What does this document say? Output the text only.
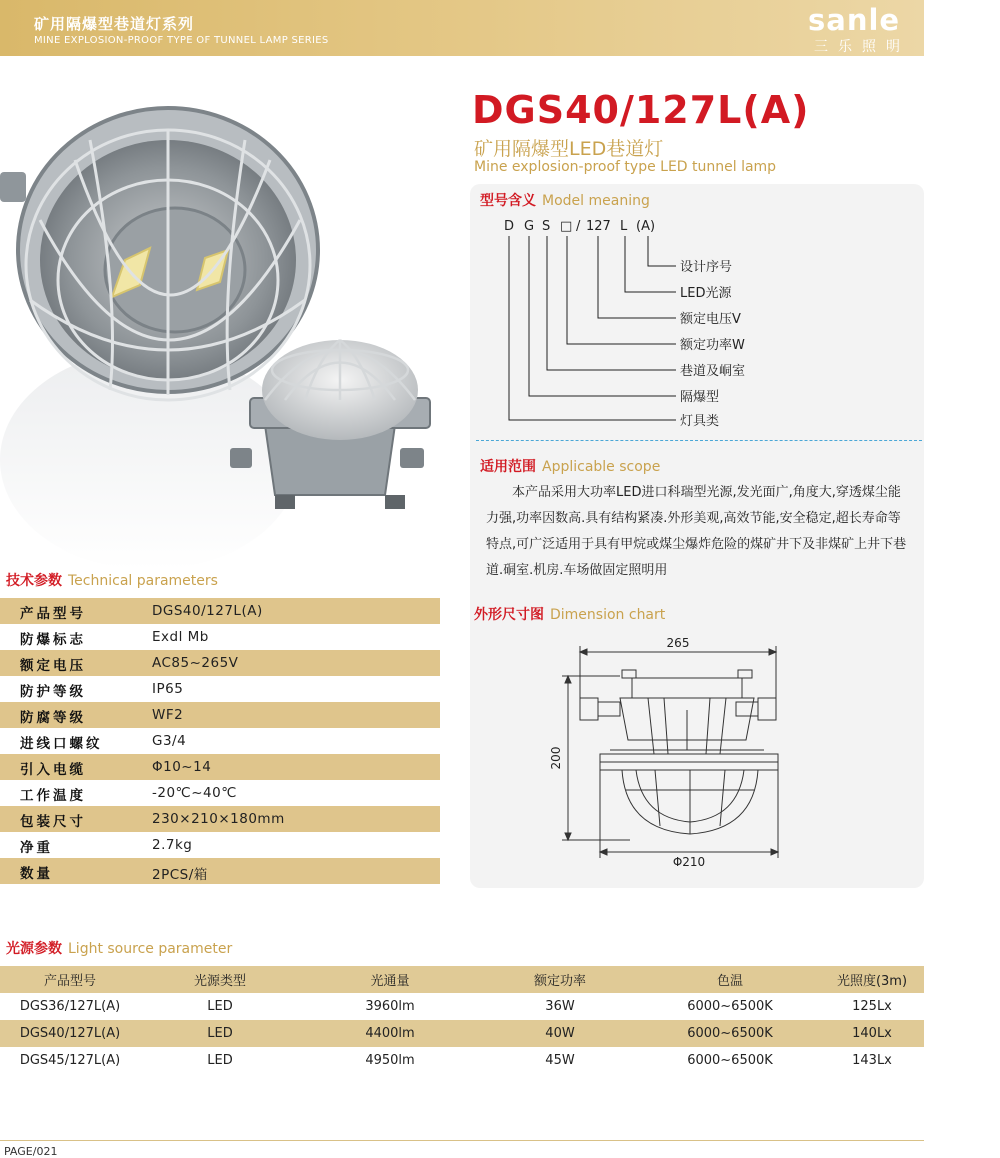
矿用隔爆型巷道灯系列
MINE EXPLOSION-PROOF TYPE OF TUNNEL LAMP SERIES
sanle
三乐照明
DGS40/127L(A)
矿用隔爆型LED巷道灯
Mine explosion-proof type LED tunnel lamp
型号含义 Model meaning
D G S □ / 127 L (A)
设计序号
LED光源
额定电压V
额定功率W
巷道及峒室
隔爆型
灯具类
适用范围 Applicable scope
本产品采用大功率LED进口科瑞型光源,发光面广,角度大,穿透煤尘能力强,功率因数高.具有结构紧凑.外形美观,高效节能,安全稳定,超长寿命等特点,可广泛适用于具有甲烷或煤尘爆炸危险的煤矿井下及非煤矿上井下巷道.硐室.机房.车场做固定照明用
外形尺寸图 Dimension chart
265
200
Φ210
技术参数 Technical parameters
产品型号	DGS40/127L(A)
防爆标志	Exdl Mb
额定电压	AC85~265V
防护等级	IP65
防腐等级	WF2
进线口螺纹	G3/4
引入电缆	Φ10~14
工作温度	-20℃~40℃
包装尺寸	230×210×180mm
净重	2.7kg
数量	2PCS/箱
光源参数 Light source parameter
产品型号	光源类型	光通量	额定功率	色温	光照度(3m)
DGS36/127L(A)	LED	3960lm	36W	6000~6500K	125Lx
DGS40/127L(A)	LED	4400lm	40W	6000~6500K	140Lx
DGS45/127L(A)	LED	4950lm	45W	6000~6500K	143Lx
PAGE/021
